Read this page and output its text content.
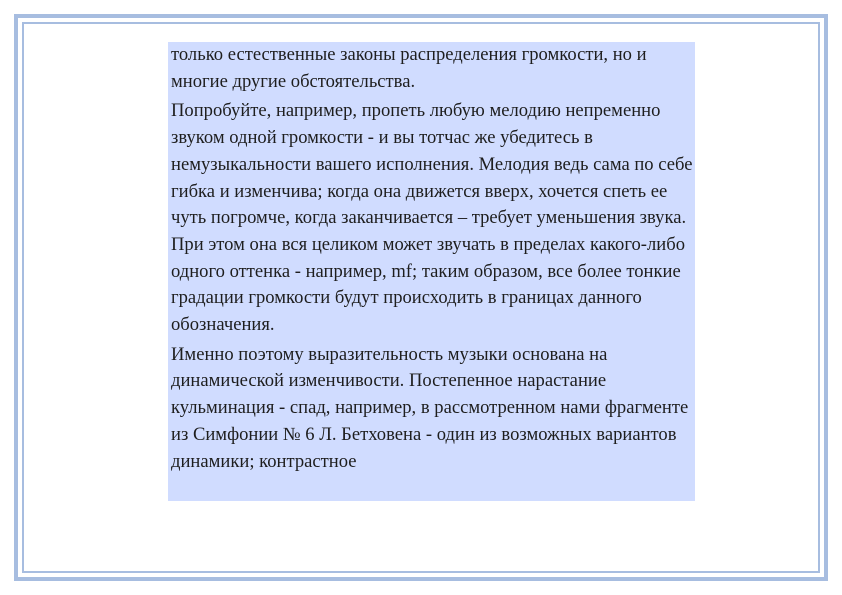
только естественные законы распределения громкости, но и многие другие обстоятельства.

Попробуйте, например, пропеть любую мелодию непременно звуком одной громкости - и вы тотчас же убедитесь в немузыкальности вашего исполнения. Мелодия ведь сама по себе гибка и изменчива; когда она движется вверх, хочется спеть ее чуть погромче, когда заканчивается – требует уменьшения звука. При этом она вся целиком может звучать в пределах какого-либо одного оттенка - например, mf; таким образом, все более тонкие градации громкости будут происходить в границах данного обозначения.

Именно поэтому выразительность музыки основана на динамической изменчивости. Постепенное нарастание кульминация - спад, например, в рассмотренном нами фрагменте из Симфонии № 6 Л. Бетховена - один из возможных вариантов динамики; контрастное
